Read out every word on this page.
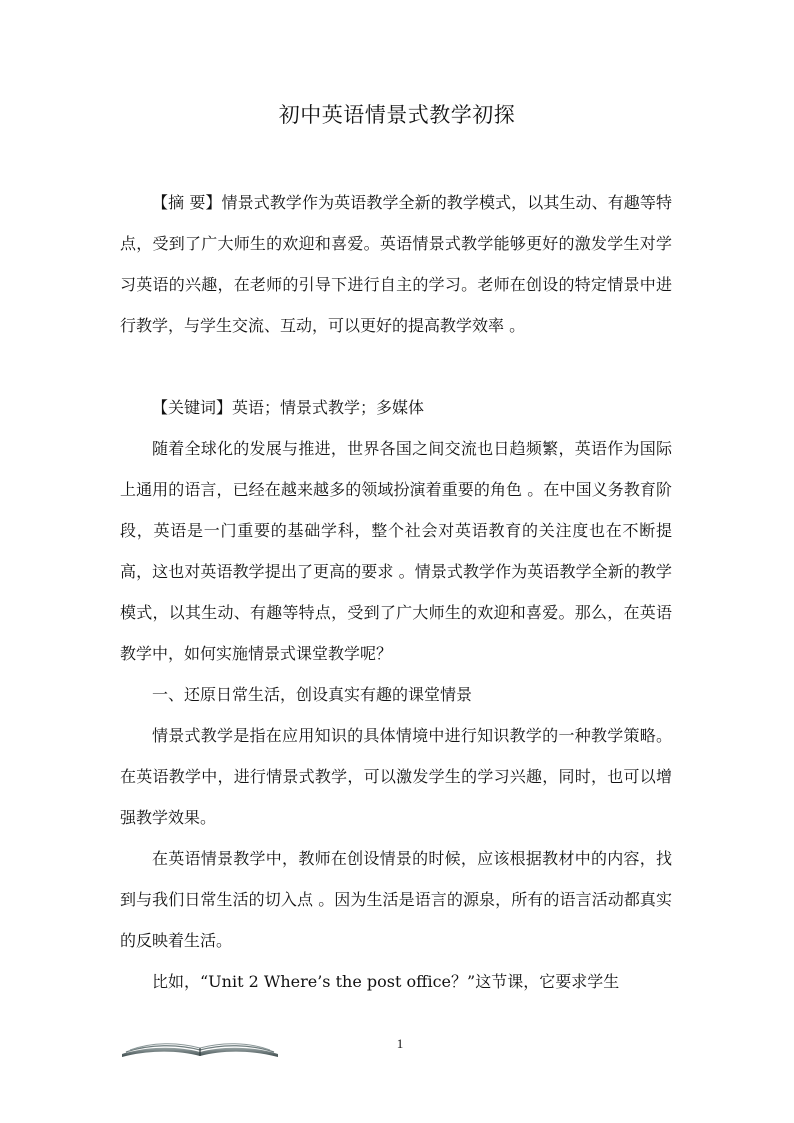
初中英语情景式教学初探

【摘 要】情景式教学作为英语教学全新的教学模式，以其生动、有趣等特点，受到了广大师生的欢迎和喜爱。英语情景式教学能够更好的激发学生对学习英语的兴趣，在老师的引导下进行自主的学习。老师在创设的特定情景中进行教学，与学生交流、互动，可以更好的提高教学效率 。

【关键词】英语；情景式教学；多媒体

随着全球化的发展与推进，世界各国之间交流也日趋频繁，英语作为国际上通用的语言，已经在越来越多的领域扮演着重要的角色 。在中国义务教育阶段，英语是一门重要的基础学科，整个社会对英语教育的关注度也在不断提高，这也对英语教学提出了更高的要求 。情景式教学作为英语教学全新的教学模式，以其生动、有趣等特点，受到了广大师生的欢迎和喜爱。那么，在英语教学中，如何实施情景式课堂教学呢？

一、还原日常生活，创设真实有趣的课堂情景

情景式教学是指在应用知识的具体情境中进行知识教学的一种教学策略。在英语教学中，进行情景式教学，可以激发学生的学习兴趣，同时，也可以增强教学效果。

在英语情景教学中，教师在创设情景的时候，应该根据教材中的内容，找到与我们日常生活的切入点 。因为生活是语言的源泉，所有的语言活动都真实的反映着生活。

比如，“Unit 2 Where’s the post office？”这节课，它要求学生

1
